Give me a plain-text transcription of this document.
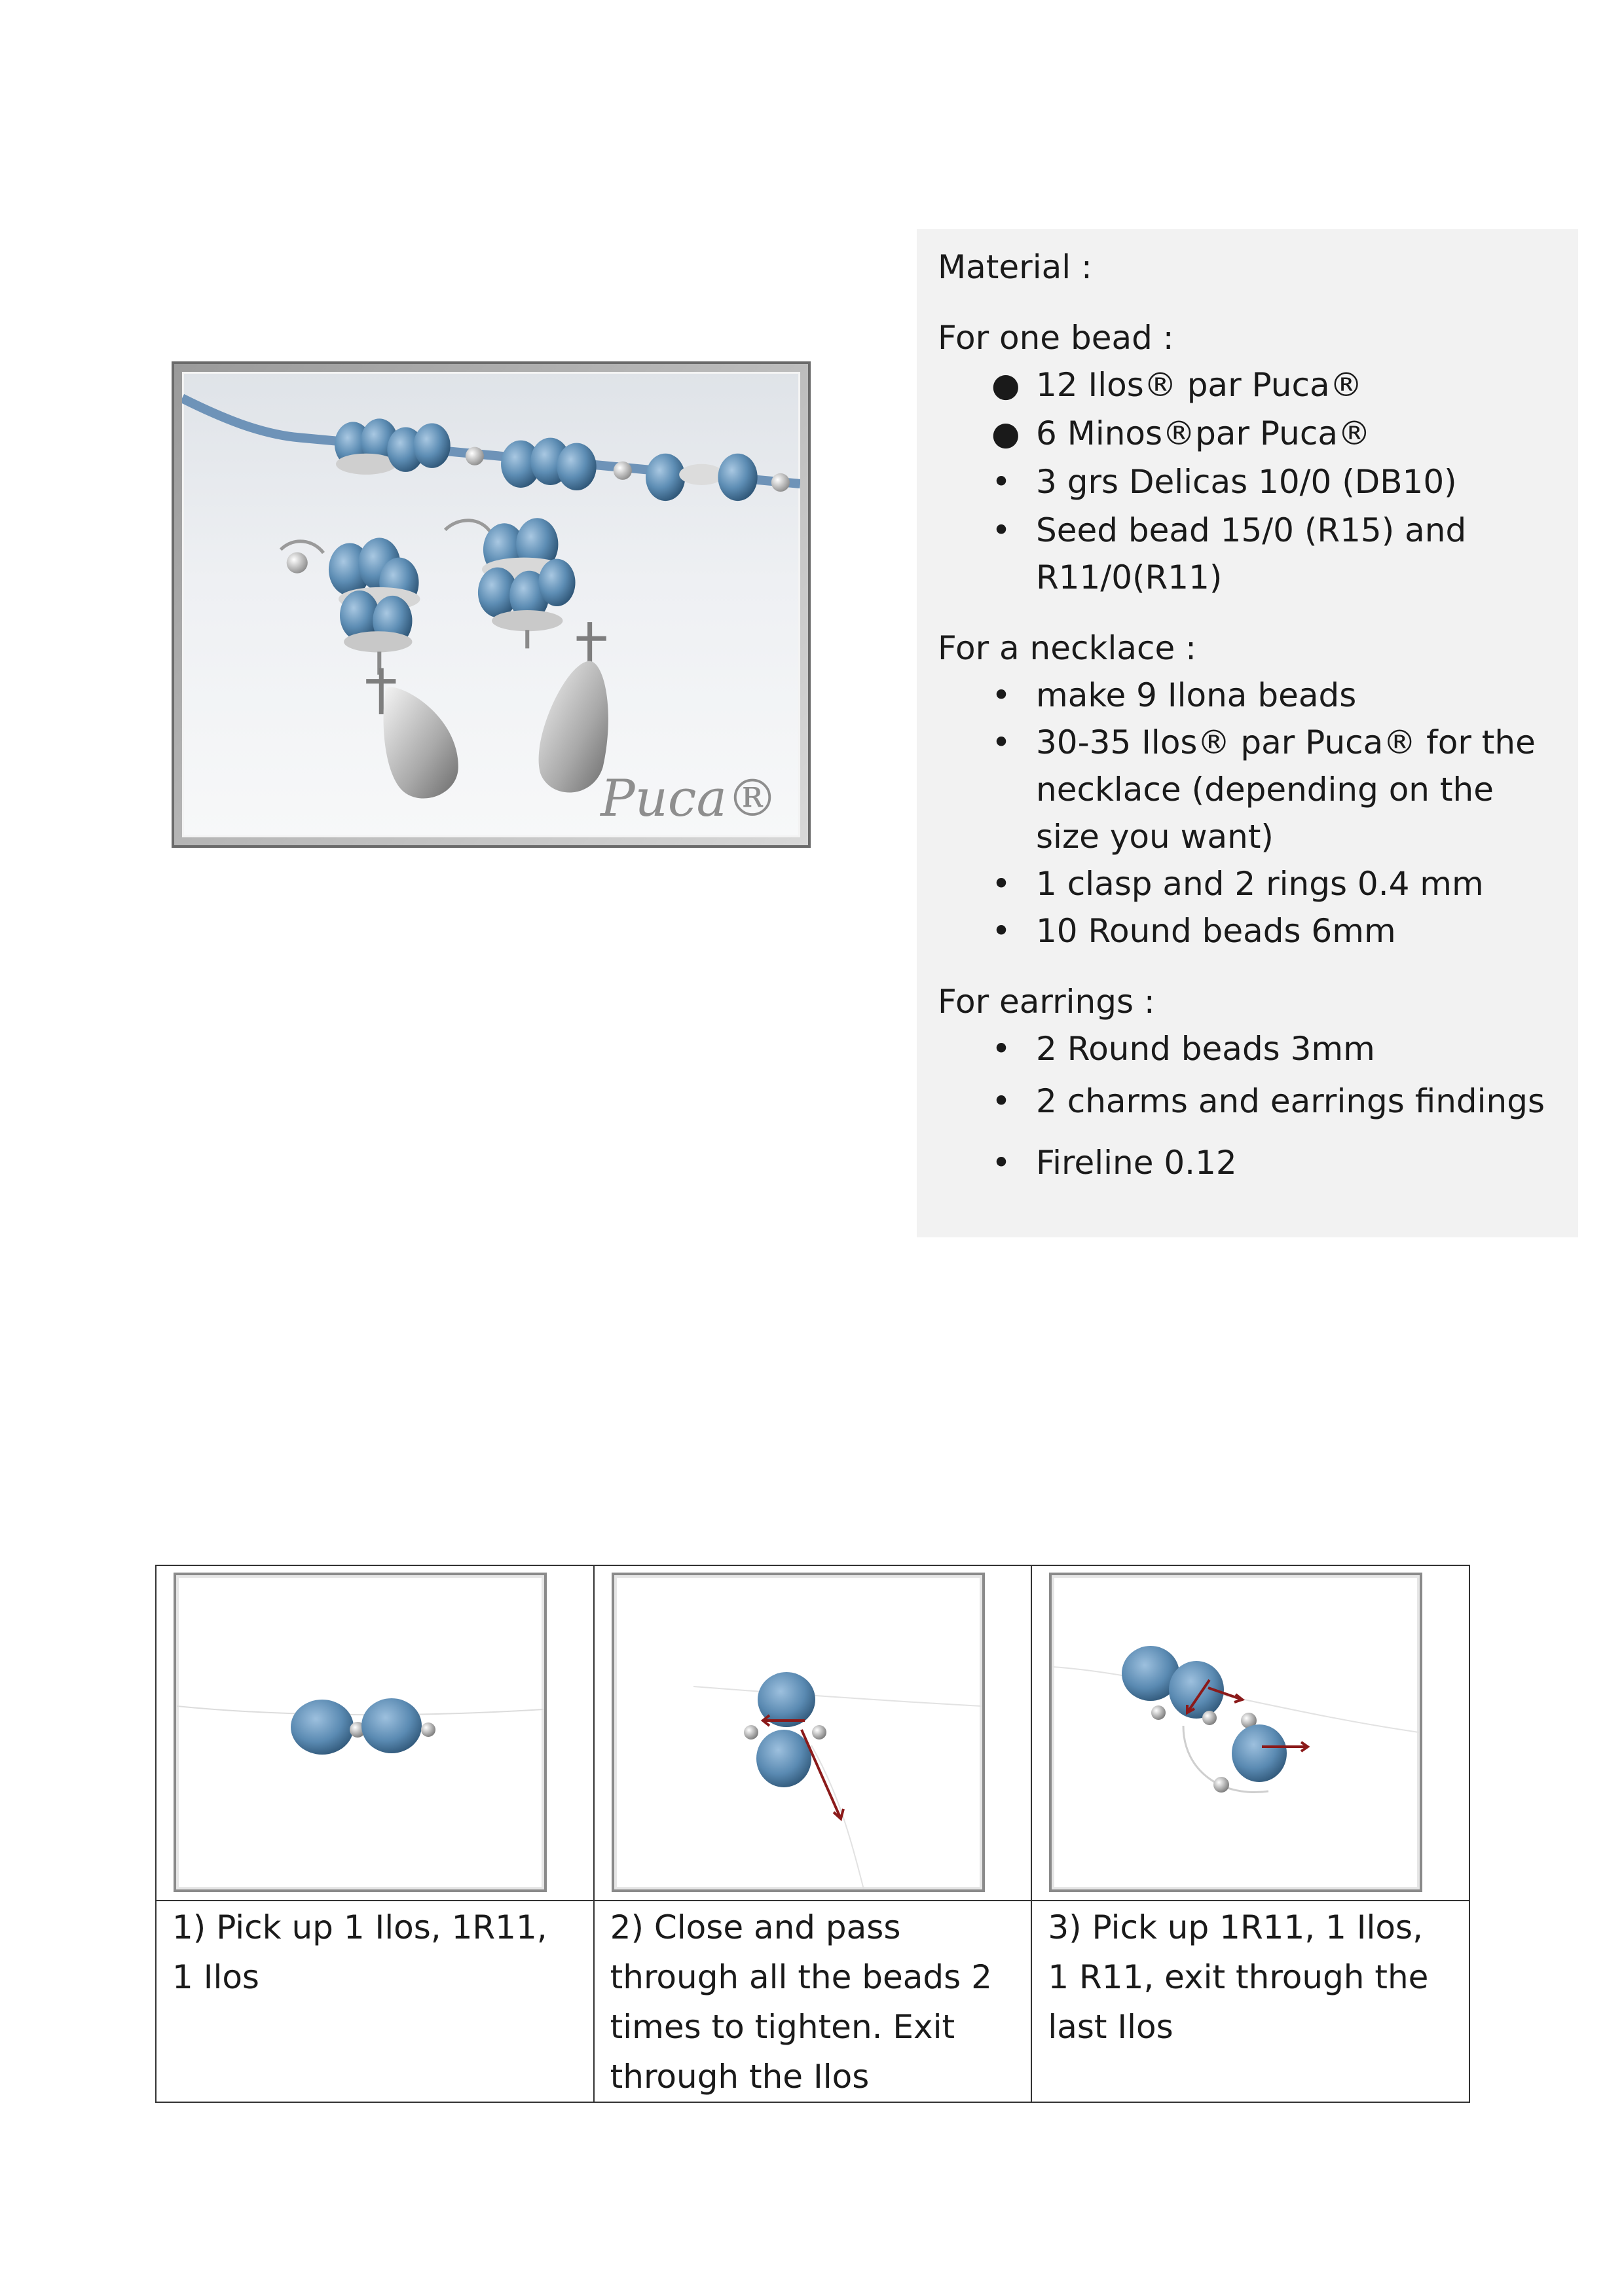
Puca®

Material :

For one bead :

● 12 Ilos® par Puca®
● 6 Minos®par Puca®
• 3 grs Delicas 10/0 (DB10)
• Seed bead 15/0 (R15) and R11/0(R11)

For a necklace :

• make 9 Ilona beads
• 30-35 Ilos® par Puca® for the necklace (depending on the size you want)
• 1 clasp and 2 rings 0.4 mm
• 10 Round beads 6mm

For earrings :

• 2 Round beads 3mm
• 2 charms and earrings findings
• Fireline 0.12

1) Pick up 1 Ilos, 1R11, 1 Ilos	2) Close and pass through all the beads 2 times to tighten. Exit through the Ilos	3) Pick up 1R11, 1 Ilos, 1 R11, exit through the last Ilos
